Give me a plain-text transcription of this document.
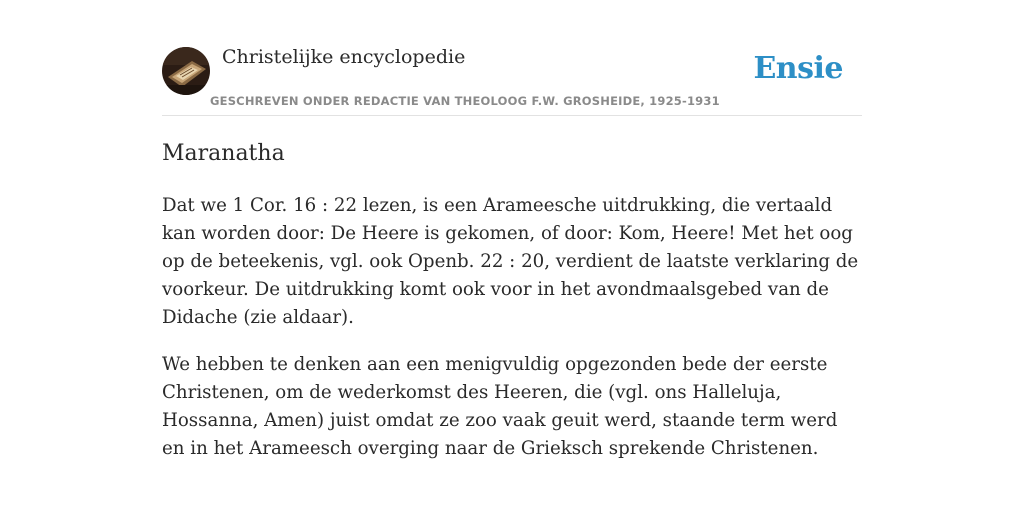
Christelijke encyclopedie
GESCHREVEN ONDER REDACTIE VAN THEOLOOG F.W. GROSHEIDE, 1925-1931
Ensie
Maranatha

Dat we 1 Cor. 16 : 22 lezen, is een Arameesche uitdrukking, die vertaald kan worden door: De Heere is gekomen, of door: Kom, Heere! Met het oog op de beteekenis, vgl. ook Openb. 22 : 20, verdient de laatste verklaring de voorkeur. De uitdrukking komt ook voor in het avondmaalsgebed van de Didache (zie aldaar).

We hebben te denken aan een menigvuldig opgezonden bede der eerste Christenen, om de wederkomst des Heeren, die (vgl. ons Halleluja, Hossanna, Amen) juist omdat ze zoo vaak geuit werd, staande term werd en in het Arameesch overging naar de Grieksch sprekende Christenen.
